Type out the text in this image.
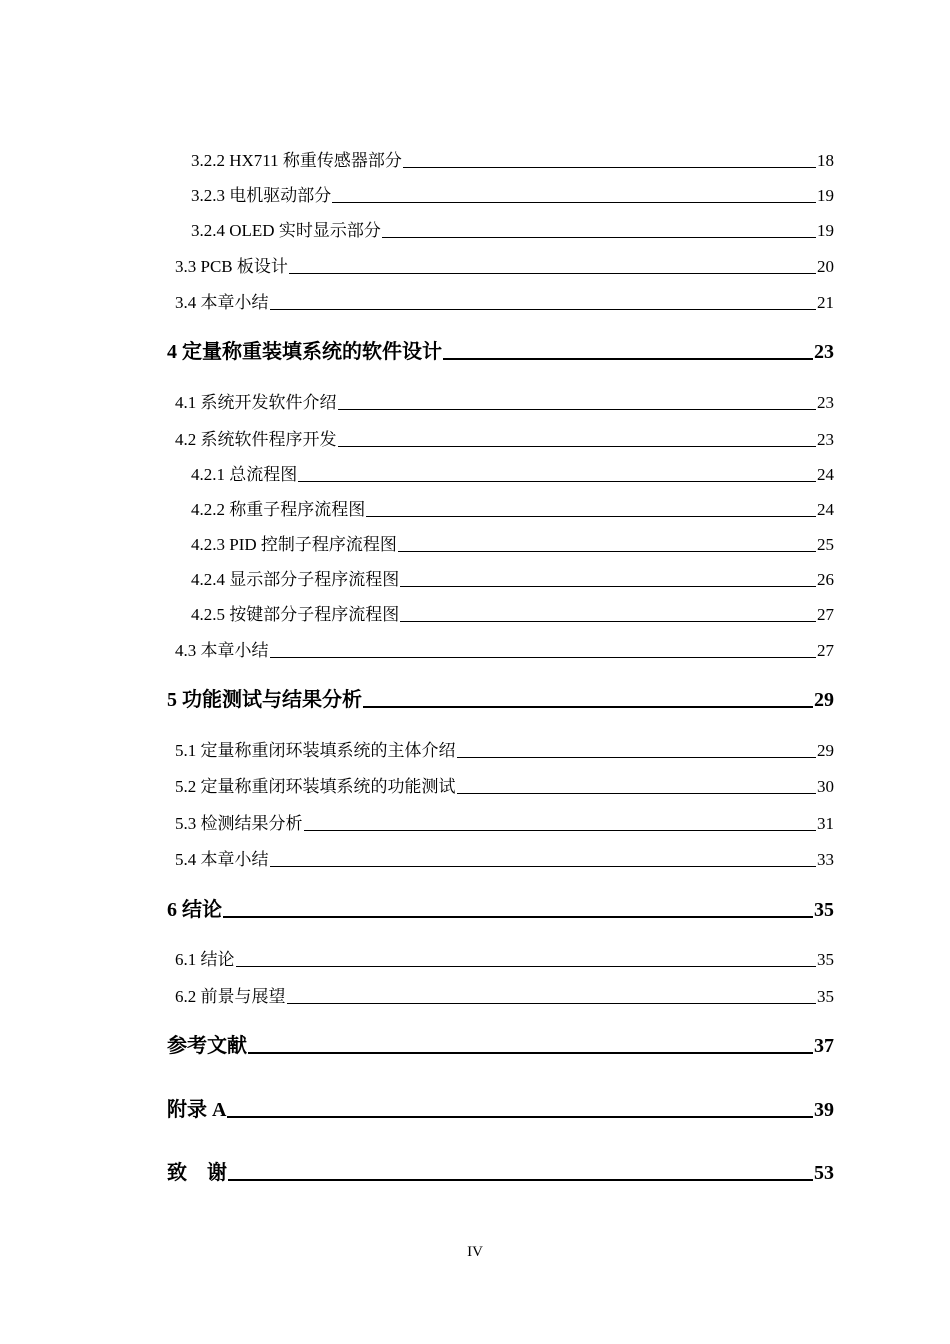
3.2.2 HX711 称重传感器部分	18
3.2.3 电机驱动部分	19
3.2.4 OLED 实时显示部分	19
3.3 PCB 板设计	20
3.4 本章小结	21
4 定量称重装填系统的软件设计	23
4.1 系统开发软件介绍	23
4.2 系统软件程序开发	23
4.2.1 总流程图	24
4.2.2 称重子程序流程图	24
4.2.3 PID 控制子程序流程图	25
4.2.4 显示部分子程序流程图	26
4.2.5 按键部分子程序流程图	27
4.3 本章小结	27
5 功能测试与结果分析	29
5.1 定量称重闭环装填系统的主体介绍	29
5.2 定量称重闭环装填系统的功能测试	30
5.3 检测结果分析	31
5.4 本章小结	33
6 结论	35
6.1 结论	35
6.2 前景与展望	35
参考文献	37
附录 A	39
致　谢	53
IV
